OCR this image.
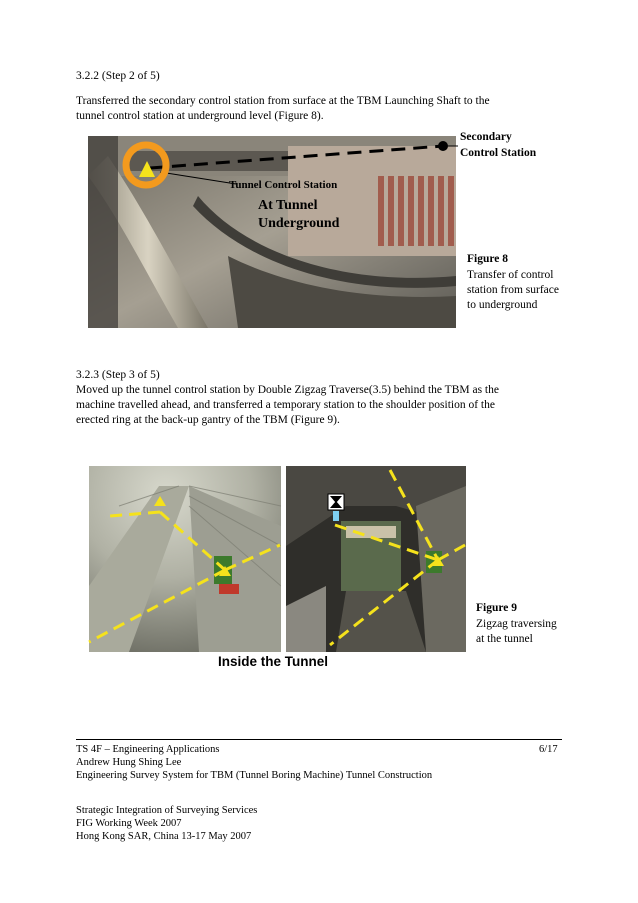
3.2.2 (Step 2 of 5)
Transferred the secondary control station from surface at the TBM Launching Shaft to the
tunnel control station at underground level (Figure 8).
Secondary
Control Station
Tunnel Control Station
At Tunnel
Underground
Figure 8
Transfer of control
station from surface
to underground
3.2.3 (Step 3 of 5)
Moved up the tunnel control station by Double Zigzag Traverse(3.5) behind the TBM as the
machine travelled ahead, and transferred a temporary station to the shoulder position of the
erected ring at the back-up gantry of the TBM (Figure 9).
Figure 9
Zigzag traversing
at the tunnel
Inside the Tunnel
TS 4F – Engineering Applications	6/17
Andrew Hung Shing Lee
Engineering Survey System for TBM (Tunnel Boring Machine) Tunnel Construction
Strategic Integration of Surveying Services
FIG Working Week 2007
Hong Kong SAR, China 13-17 May 2007
